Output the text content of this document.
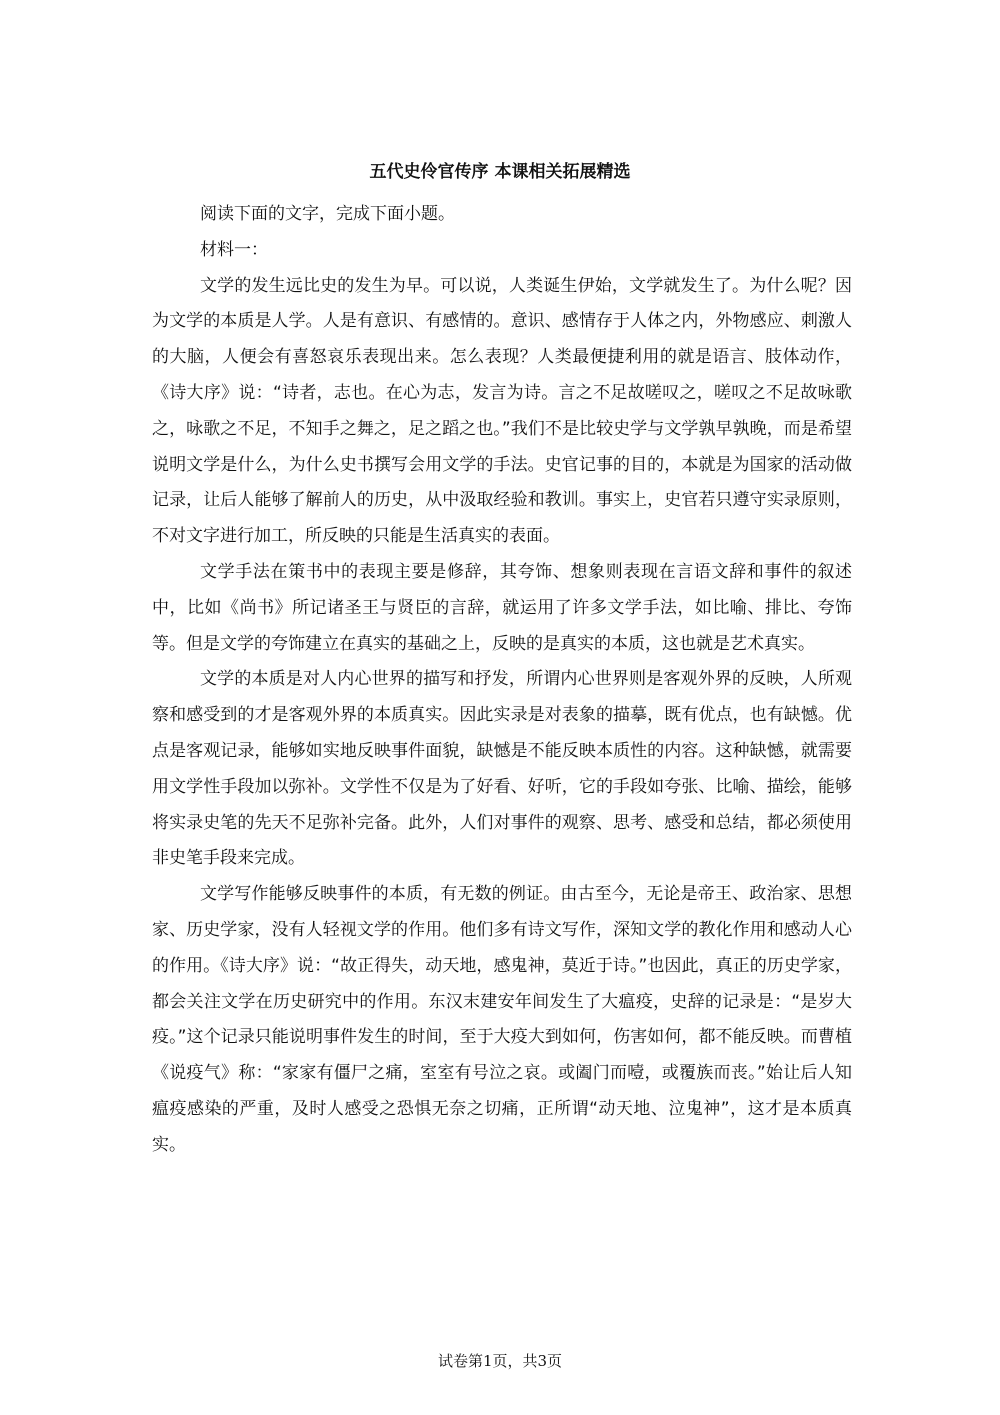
五代史伶官传序 本课相关拓展精选

阅读下面的文字，完成下面小题。

材料一：

文学的发生远比史的发生为早。可以说，人类诞生伊始，文学就发生了。为什么呢？因为文学的本质是人学。人是有意识、有感情的。意识、感情存于人体之内，外物感应、刺激人的大脑，人便会有喜怒哀乐表现出来。怎么表现？人类最便捷利用的就是语言、肢体动作，《诗大序》说：“诗者，志也。在心为志，发言为诗。言之不足故嗟叹之，嗟叹之不足故咏歌之，咏歌之不足，不知手之舞之，足之蹈之也。”我们不是比较史学与文学孰早孰晚，而是希望说明文学是什么，为什么史书撰写会用文学的手法。史官记事的目的，本就是为国家的活动做记录，让后人能够了解前人的历史，从中汲取经验和教训。事实上，史官若只遵守实录原则，不对文字进行加工，所反映的只能是生活真实的表面。

文学手法在策书中的表现主要是修辞，其夸饰、想象则表现在言语文辞和事件的叙述中，比如《尚书》所记诸圣王与贤臣的言辞，就运用了许多文学手法，如比喻、排比、夸饰等。但是文学的夸饰建立在真实的基础之上，反映的是真实的本质，这也就是艺术真实。

文学的本质是对人内心世界的描写和抒发，所谓内心世界则是客观外界的反映，人所观察和感受到的才是客观外界的本质真实。因此实录是对表象的描摹，既有优点，也有缺憾。优点是客观记录，能够如实地反映事件面貌，缺憾是不能反映本质性的内容。这种缺憾，就需要用文学性手段加以弥补。文学性不仅是为了好看、好听，它的手段如夸张、比喻、描绘，能够将实录史笔的先天不足弥补完备。此外，人们对事件的观察、思考、感受和总结，都必须使用非史笔手段来完成。

文学写作能够反映事件的本质，有无数的例证。由古至今，无论是帝王、政治家、思想家、历史学家，没有人轻视文学的作用。他们多有诗文写作，深知文学的教化作用和感动人心的作用。《诗大序》说：“故正得失，动天地，感鬼神，莫近于诗。”也因此，真正的历史学家，都会关注文学在历史研究中的作用。东汉末建安年间发生了大瘟疫，史辞的记录是：“是岁大疫。”这个记录只能说明事件发生的时间，至于大疫大到如何，伤害如何，都不能反映。而曹植《说疫气》称：“家家有僵尸之痛，室室有号泣之哀。或阖门而噎，或覆族而丧。”始让后人知瘟疫感染的严重，及时人感受之恐惧无奈之切痛，正所谓“动天地、泣鬼神”，这才是本质真实。

试卷第1页，共3页
